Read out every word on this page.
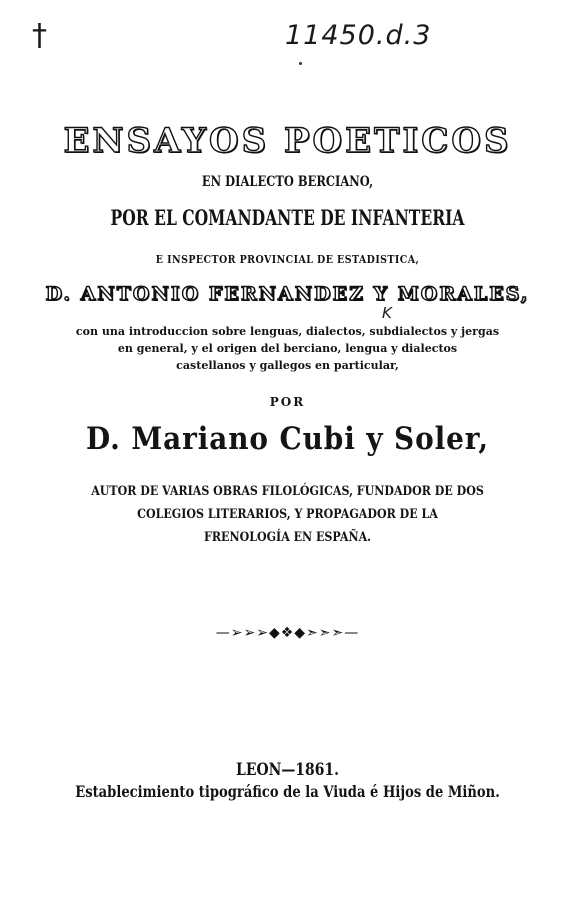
†	11450.d.3
K
ENSAYOS POETICOS
EN DIALECTO BERCIANO,
POR EL COMANDANTE DE INFANTERIA
E INSPECTOR PROVINCIAL DE ESTADISTICA,
D. ANTONIO FERNANDEZ Y MORALES,
con una introduccion sobre lenguas, dialectos, subdialectos y jergas
en general, y el origen del berciano, lengua y dialectos
castellanos y gallegos en particular,
POR
D. Mariano Cubi y Soler,
AUTOR DE VARIAS OBRAS FILOLÓGICAS, FUNDADOR DE DOS
COLEGIOS LITERARIOS, Y PROPAGADOR DE LA
FRENOLOGÍA EN ESPAÑA.
—➢➢➢◆❖◆➣➣➣—
LEON—1861.
Establecimiento tipográfico de la Viuda é Hijos de Miñon.
